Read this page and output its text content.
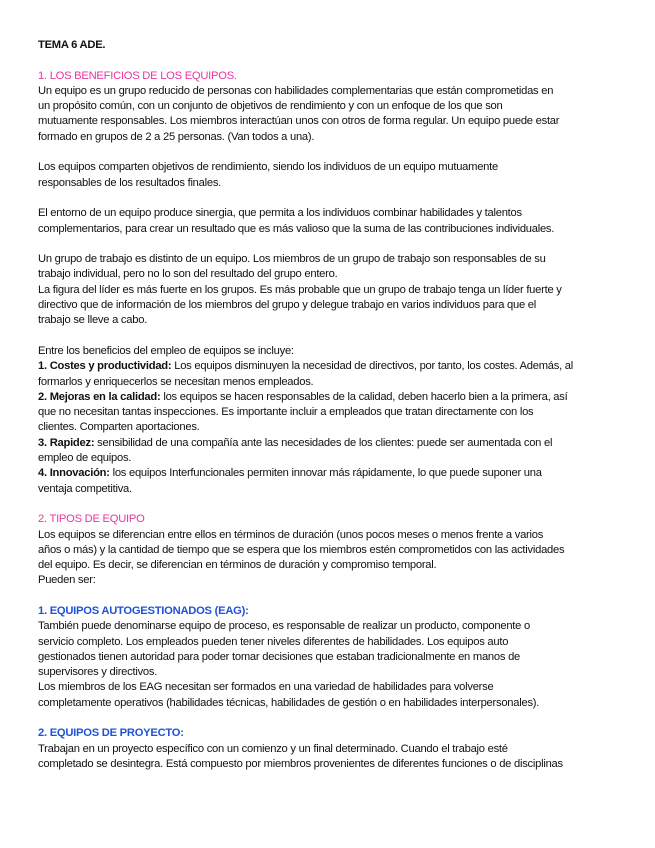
TEMA 6 ADE.
1. LOS BENEFICIOS DE LOS EQUIPOS.
Un equipo es un grupo reducido de personas con habilidades complementarias que están comprometidas en
un propósito común, con un conjunto de objetivos de rendimiento y con un enfoque de los que son
mutuamente responsables. Los miembros interactúan unos con otros de forma regular. Un equipo puede estar
formado en grupos de 2 a 25 personas. (Van todos a una).
Los equipos comparten objetivos de rendimiento, siendo los individuos de un equipo mutuamente
responsables de los resultados finales.
El entorno de un equipo produce sinergia, que permita a los individuos combinar habilidades y talentos
complementarios, para crear un resultado que es más valioso que la suma de las contribuciones individuales.
Un grupo de trabajo es distinto de un equipo. Los miembros de un grupo de trabajo son responsables de su
trabajo individual, pero no lo son del resultado del grupo entero.
La figura del líder es más fuerte en los grupos. Es más probable que un grupo de trabajo tenga un líder fuerte y
directivo que de información de los miembros del grupo y delegue trabajo en varios individuos para que el
trabajo se lleve a cabo.
Entre los beneficios del empleo de equipos se incluye:
1. Costes y productividad: Los equipos disminuyen la necesidad de directivos, por tanto, los costes. Además, al
formarlos y enriquecerlos se necesitan menos empleados.
2. Mejoras en la calidad: los equipos se hacen responsables de la calidad, deben hacerlo bien a la primera, así
que no necesitan tantas inspecciones. Es importante incluir a empleados que tratan directamente con los
clientes. Comparten aportaciones.
3. Rapidez: sensibilidad de una compañía ante las necesidades de los clientes: puede ser aumentada con el
empleo de equipos.
4. Innovación: los equipos Interfuncionales permiten innovar más rápidamente, lo que puede suponer una
ventaja competitiva.
2. TIPOS DE EQUIPO
Los equipos se diferencian entre ellos en términos de duración (unos pocos meses o menos frente a varios
años o más) y la cantidad de tiempo que se espera que los miembros estén comprometidos con las actividades
del equipo. Es decir, se diferencian en términos de duración y compromiso temporal.
Pueden ser:
1. EQUIPOS AUTOGESTIONADOS (EAG):
También puede denominarse equipo de proceso, es responsable de realizar un producto, componente o
servicio completo. Los empleados pueden tener niveles diferentes de habilidades. Los equipos auto
gestionados tienen autoridad para poder tomar decisiones que estaban tradicionalmente en manos de
supervisores y directivos.
Los miembros de los EAG necesitan ser formados en una variedad de habilidades para volverse
completamente operativos (habilidades técnicas, habilidades de gestión o en habilidades interpersonales).
2. EQUIPOS DE PROYECTO:
Trabajan en un proyecto específico con un comienzo y un final determinado. Cuando el trabajo esté
completado se desintegra. Está compuesto por miembros provenientes de diferentes funciones o de disciplinas
